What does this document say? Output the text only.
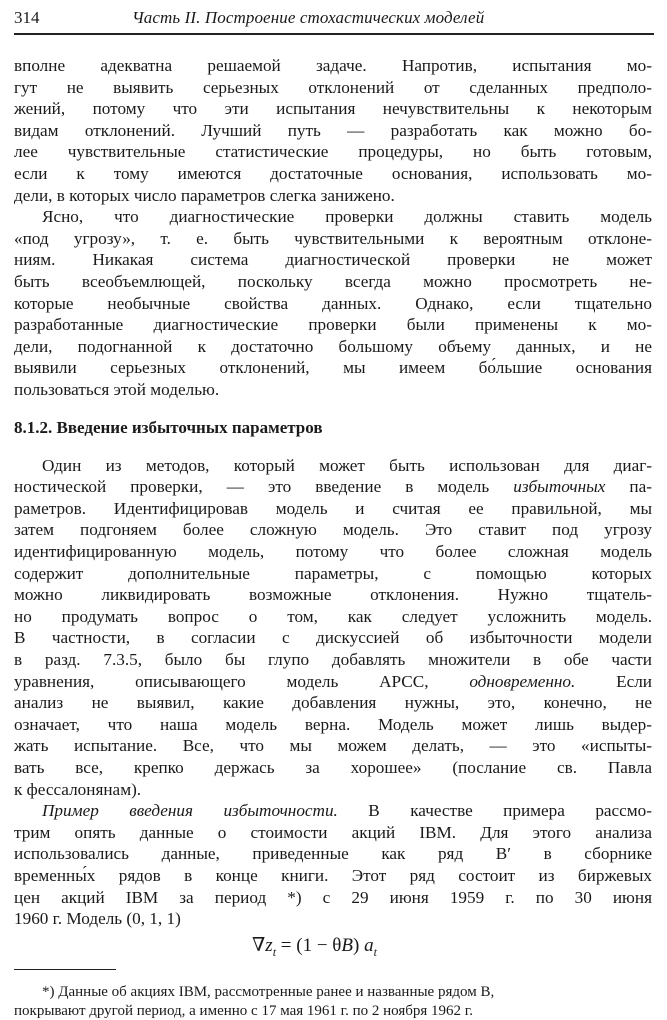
314	Часть II. Построение стохастических моделей
вполне адекватна решаемой задаче. Напротив, испытания мо-
гут не выявить серьезных отклонений от сделанных предполо-
жений, потому что эти испытания нечувствительны к некоторым
видам отклонений. Лучший путь — разработать как можно бо-
лее чувствительные статистические процедуры, но быть готовым,
если к тому имеются достаточные основания, использовать мо-
дели, в которых число параметров слегка занижено.
Ясно, что диагностические проверки должны ставить модель
«под угрозу», т. е. быть чувствительными к вероятным отклоне-
ниям. Никакая система диагностической проверки не может
быть всеобъемлющей, поскольку всегда можно просмотреть не-
которые необычные свойства данных. Однако, если тщательно
разработанные диагностические проверки были применены к мо-
дели, подогнанной к достаточно большому объему данных, и не
выявили серьезных отклонений, мы имеем бо́льшие основания
пользоваться этой моделью.
8.1.2. Введение избыточных параметров
Один из методов, который может быть использован для диаг-
ностической проверки, — это введение в модель избыточных па-
раметров. Идентифицировав модель и считая ее правильной, мы
затем подгоняем более сложную модель. Это ставит под угрозу
идентифицированную модель, потому что более сложная модель
содержит дополнительные параметры, с помощью которых
можно ликвидировать возможные отклонения. Нужно тщатель-
но продумать вопрос о том, как следует усложнить модель.
В частности, в согласии с дискуссией об избыточности модели
в разд. 7.3.5, было бы глупо добавлять множители в обе части
уравнения, описывающего модель АРСС, одновременно. Если
анализ не выявил, какие добавления нужны, это, конечно, не
означает, что наша модель верна. Модель может лишь выдер-
жать испытание. Все, что мы можем делать, — это «испыты-
вать все, крепко держась за хорошее» (послание св. Павла
к фессалонянам).
Пример введения избыточности. В качестве примера рассмо-
трим опять данные о стоимости акций IBM. Для этого анализа
использовались данные, приведенные как ряд B′ в сборнике
временны́х рядов в конце книги. Этот ряд состоит из биржевых
цен акций IBM за период *) с 29 июня 1959 г. по 30 июня
1960 г. Модель (0, 1, 1)
$\nabla z_t = (1 - \theta B)$ $a_t$
*) Данные об акциях IBM, рассмотренные ранее и названные рядом B,
покрывают другой период, а именно с 17 мая 1961 г. по 2 ноября 1962 г.
